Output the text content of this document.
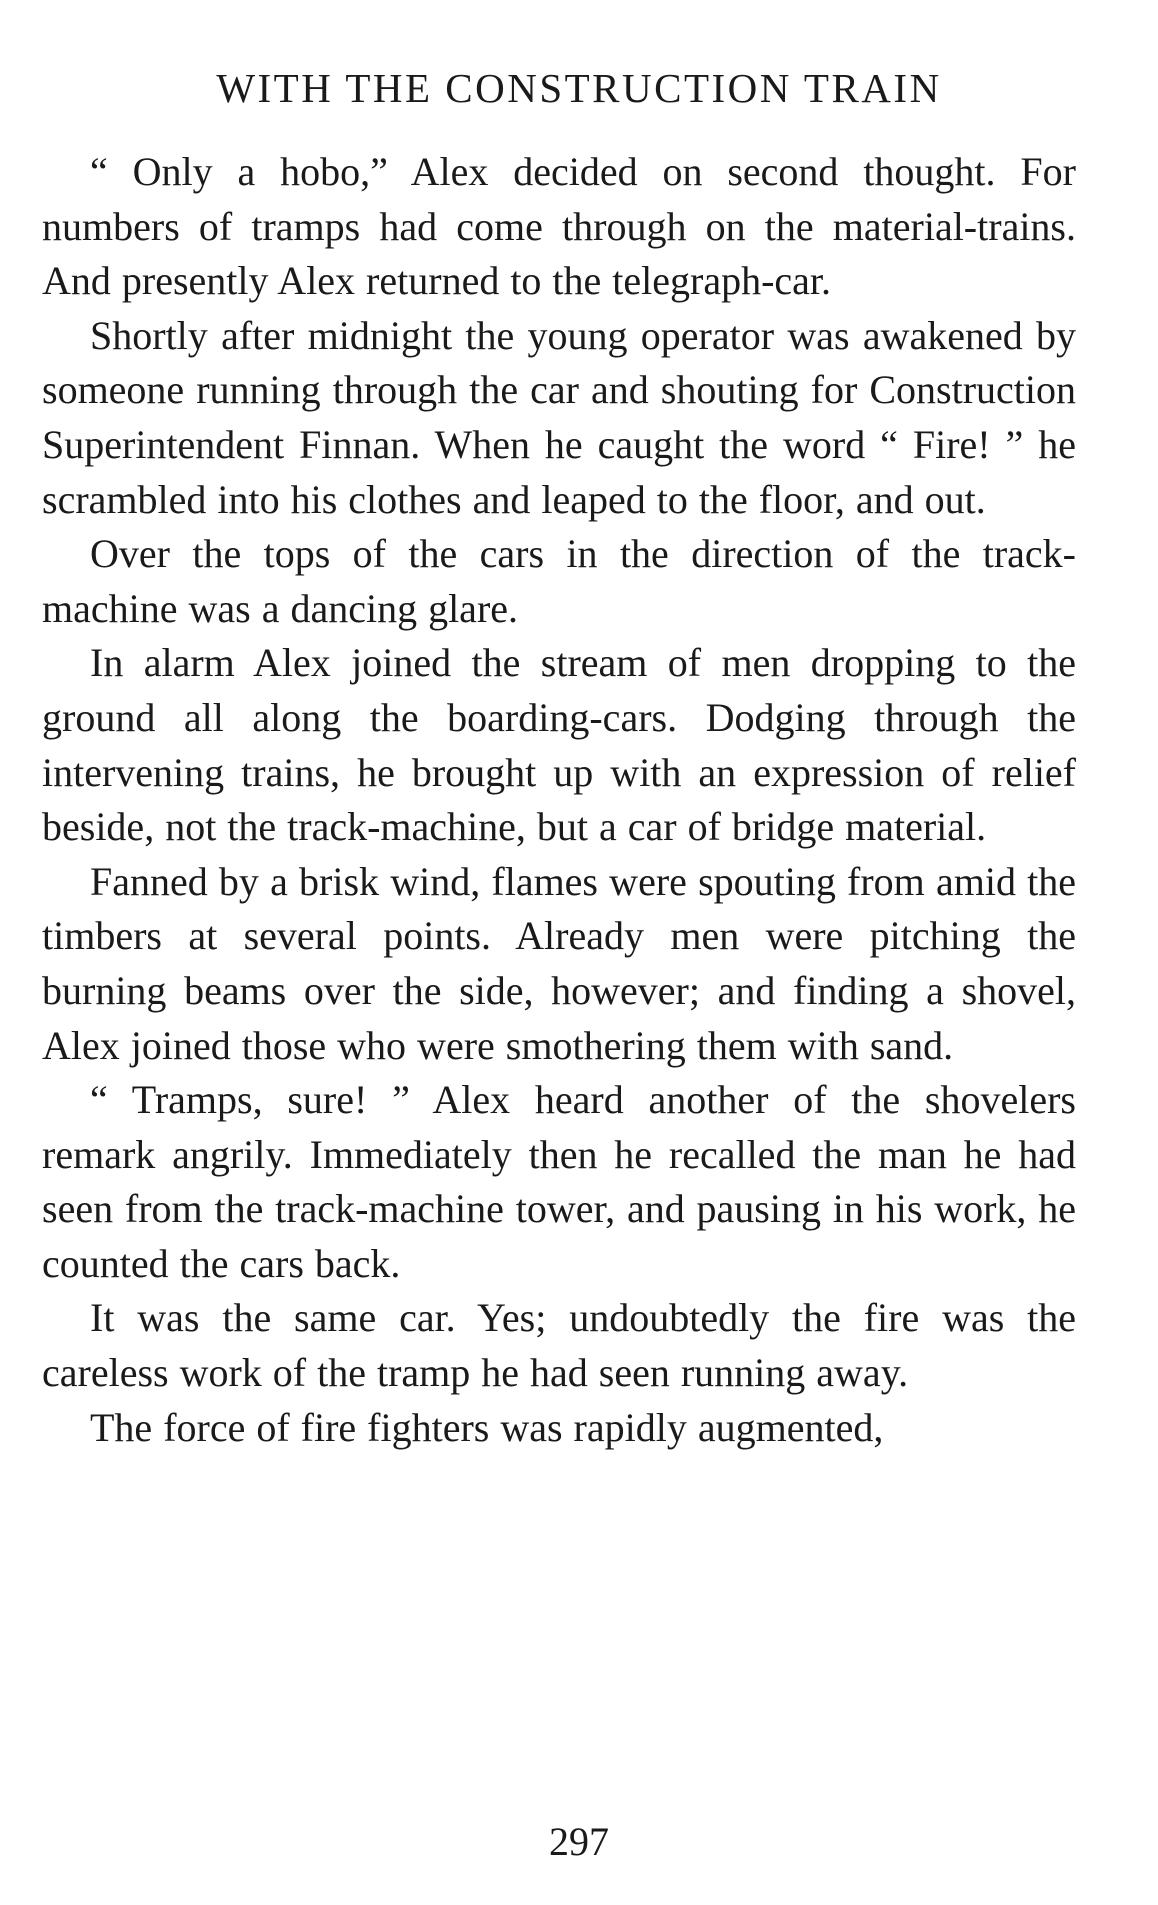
WITH THE CONSTRUCTION TRAIN

“ Only a hobo,” Alex decided on second thought. For numbers of tramps had come through on the material-trains. And presently Alex returned to the telegraph-car.

Shortly after midnight the young operator was awakened by someone running through the car and shouting for Construction Superintendent Finnan. When he caught the word “ Fire! ” he scrambled into his clothes and leaped to the floor, and out.

Over the tops of the cars in the direction of the track-machine was a dancing glare.

In alarm Alex joined the stream of men dropping to the ground all along the boarding-cars. Dodging through the intervening trains, he brought up with an expression of relief beside, not the track-machine, but a car of bridge material.

Fanned by a brisk wind, flames were spouting from amid the timbers at several points. Already men were pitching the burning beams over the side, however; and finding a shovel, Alex joined those who were smothering them with sand.

“ Tramps, sure! ” Alex heard another of the shovelers remark angrily. Immediately then he recalled the man he had seen from the track-machine tower, and pausing in his work, he counted the cars back.

It was the same car. Yes; undoubtedly the fire was the careless work of the tramp he had seen running away.

The force of fire fighters was rapidly augmented,

297
